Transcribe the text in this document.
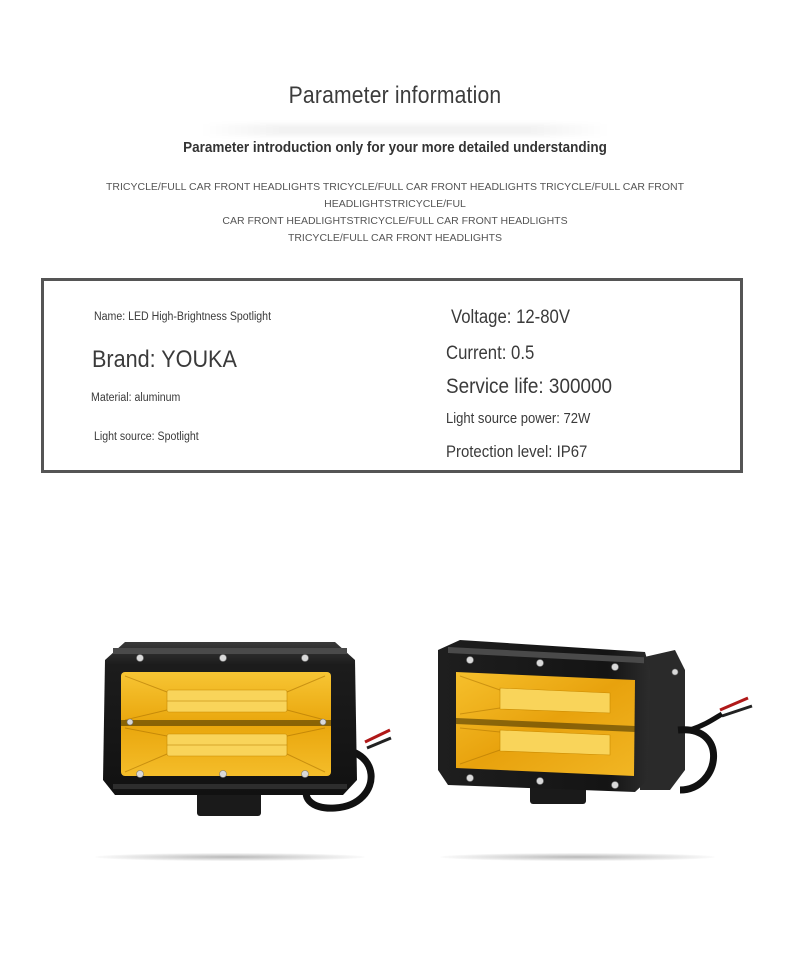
Parameter information
Parameter introduction only for your more detailed understanding
TRICYCLE/FULL CAR FRONT HEADLIGHTS TRICYCLE/FULL CAR FRONT HEADLIGHTS TRICYCLE/FULL CAR FRONT HEADLIGHTSTRICYCLE/FUL
CAR FRONT HEADLIGHTSTRICYCLE/FULL CAR FRONT HEADLIGHTS
TRICYCLE/FULL CAR FRONT HEADLIGHTS
Name: LED High-Brightness Spotlight
Brand: YOUKA
Material: aluminum
Light source: Spotlight
Voltage: 12-80V
Current: 0.5
Service life: 300000
Light source power: 72W
Protection level: IP67
